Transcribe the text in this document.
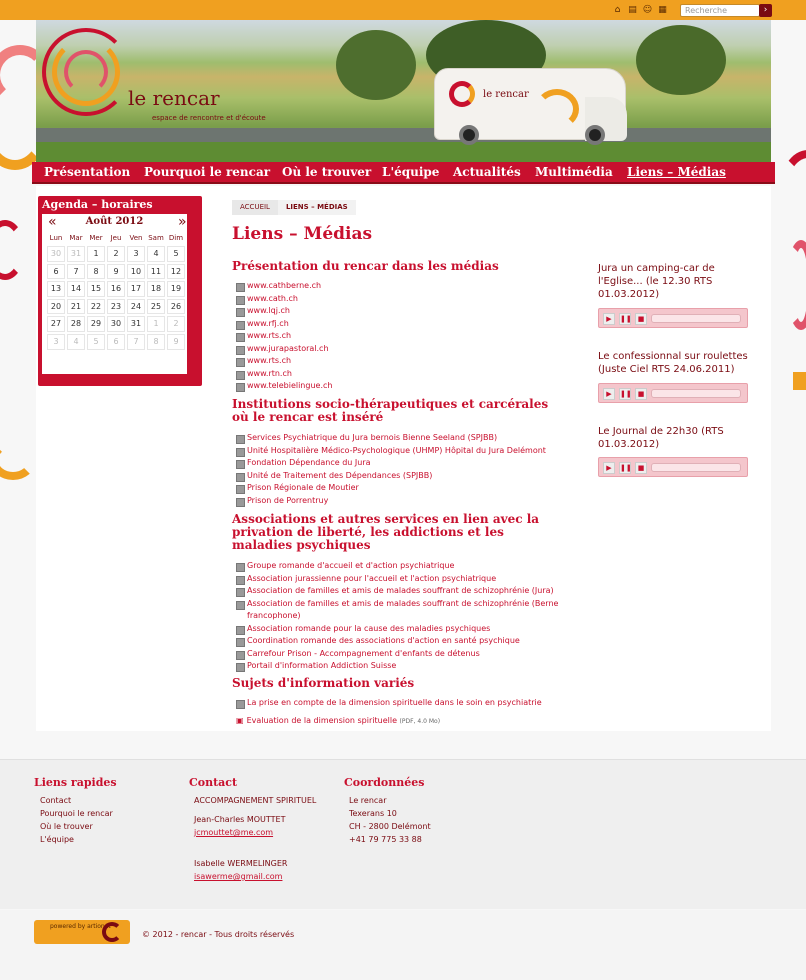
⌂ ▤ ☺ ▦	Recherche	›
le rencar
le rencar
espace de rencontre et d'écoute
Présentation Pourquoi le rencar Où le trouver L'équipe Actualités Multimédia Liens – Médias
Agenda – horaires
Août 2012
«	»
Lun	Mar Mer	Jeu	Ven Sam Dim
30	31	1	2	3	4	5
6	7	8	9	10	11	12
13	14	15	16	17	18	19
20	21	22	23	24	25	26
27	28	29	30	31	1	2
3	4	5	6	7	8	9
ACCUEIL	LIENS – MÉDIAS
Liens – Médias
Présentation du rencar dans les médias
www.cathberne.ch
www.cath.ch
www.lqj.ch
www.rfj.ch
www.rts.ch
www.jurapastoral.ch
www.rts.ch
www.rtn.ch
www.telebielingue.ch
Institutions socio-thérapeutiques et carcérales où le rencar est inséré
Services Psychiatrique du Jura bernois Bienne Seeland (SPJBB)
Unité Hospitalière Médico-Psychologique (UHMP) Hôpital du Jura Delémont
Fondation Dépendance du Jura
Unité de Traitement des Dépendances (SPJBB)
Prison Régionale de Moutier
Prison de Porrentruy
Associations et autres services en lien avec la privation de liberté, les addictions et les maladies psychiques
Groupe romande d'accueil et d'action psychiatrique
Association jurassienne pour l'accueil et l'action psychiatrique
Association de familles et amis de malades souffrant de schizophrénie (Jura)
Association de familles et amis de malades souffrant de schizophrénie (Berne francophone)
Association romande pour la cause des maladies psychiques
Coordination romande des associations d'action en santé psychique
Carrefour Prison - Accompagnement d'enfants de détenus
Portail d'information Addiction Suisse
Sujets d'information variés
La prise en compte de la dimension spirituelle dans le soin en psychiatrie
▣ Evaluation de la dimension spirituelle (PDF, 4.0 Mo)
Jura un camping-car de l'Eglise... (le 12.30 RTS 01.03.2012)
▶	❚❚ ■
Le confessionnal sur roulettes (Juste Ciel RTS 24.06.2011)
▶	❚❚ ■
Le Journal de 22h30 (RTS 01.03.2012)
▶	❚❚ ■
Liens rapides
Contact
Pourquoi le rencar
Où le trouver
L'équipe
Contact
ACCOMPAGNEMENT SPIRITUEL
Jean-Charles MOUTTET
jcmouttet@me.com
Isabelle WERMELINGER
isawerme@gmail.com
Coordonnées
Le rencar
Texerans 10
CH - 2800 Delémont
+41 79 775 33 88
powered by artionet
© 2012 - rencar - Tous droits réservés
